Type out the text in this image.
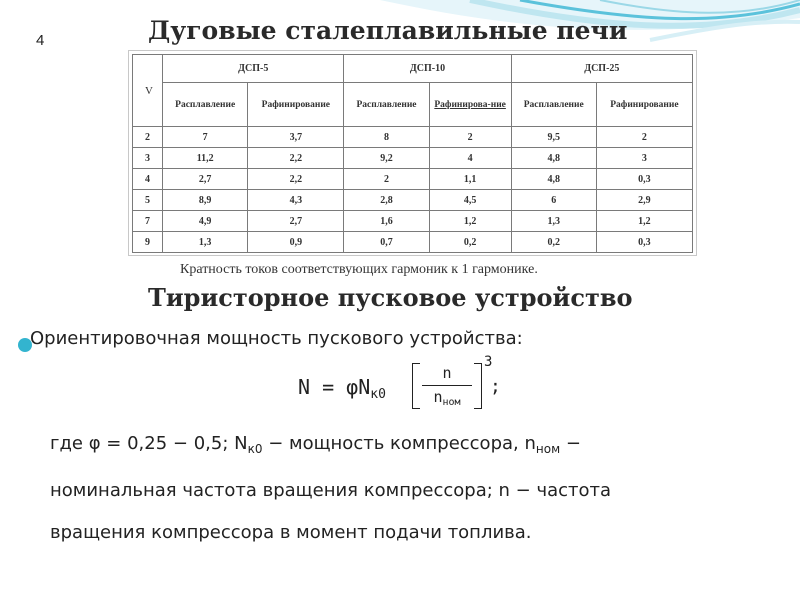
4	Дуговые сталеплавильные печи
V	ДСП-5		ДСП-10		ДСП-25	
	Расплавление	Рафинирование	Расплавление	Рафинирова-ние	Расплавление	Рафинирование
2	7	3,7	8	2	9,5	2
3	11,2	2,2	9,2	4	4,8	3
4	2,7	2,2	2	1,1	4,8	0,3
5	8,9	4,3	2,8	4,5	6	2,9
7	4,9	2,7	1,6	1,2	1,3	1,2
9	1,3	0,9	0,7	0,2	0,2	0,3
Кратность токов соответствующих гармоник к 1 гармонике.
Тиристорное пусковое устройство
Ориентировочная мощность пускового устройства:
$N = \varphi N_{к0}$
n
$n_{ном}$
3
;

где φ = 0,25 − 0,5; $N_{к0}$ − мощность компрессора, $n_{ном}$ −

номинальная частота вращения компрессора; n − частота

вращения компрессора в момент подачи топлива.
